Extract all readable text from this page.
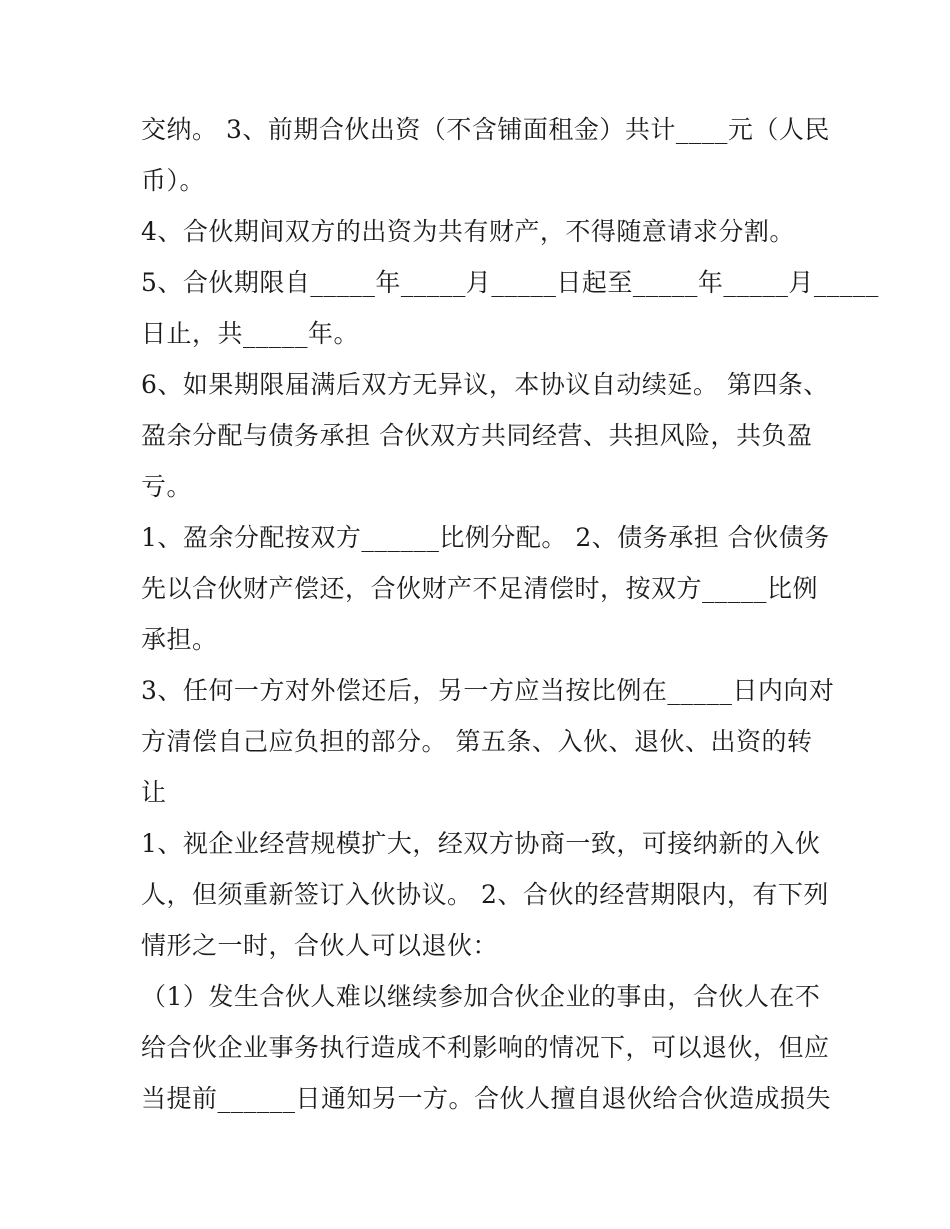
交纳。 3、前期合伙出资（不含铺面租金）共计____元（人民
币）。
4、合伙期间双方的出资为共有财产，不得随意请求分割。
5、合伙期限自_____年_____月_____日起至_____年_____月_____
日止，共_____年。
6、如果期限届满后双方无异议，本协议自动续延。 第四条、
盈余分配与债务承担 合伙双方共同经营、共担风险，共负盈
亏。
1、盈余分配按双方______比例分配。 2、债务承担 合伙债务
先以合伙财产偿还，合伙财产不足清偿时，按双方_____比例
承担。
3、任何一方对外偿还后，另一方应当按比例在_____日内向对
方清偿自己应负担的部分。 第五条、入伙、退伙、出资的转
让
1、视企业经营规模扩大，经双方协商一致，可接纳新的入伙
人，但须重新签订入伙协议。 2、合伙的经营期限内，有下列
情形之一时，合伙人可以退伙：
（1）发生合伙人难以继续参加合伙企业的事由，合伙人在不
给合伙企业事务执行造成不利影响的情况下，可以退伙，但应
当提前______日通知另一方。合伙人擅自退伙给合伙造成损失
